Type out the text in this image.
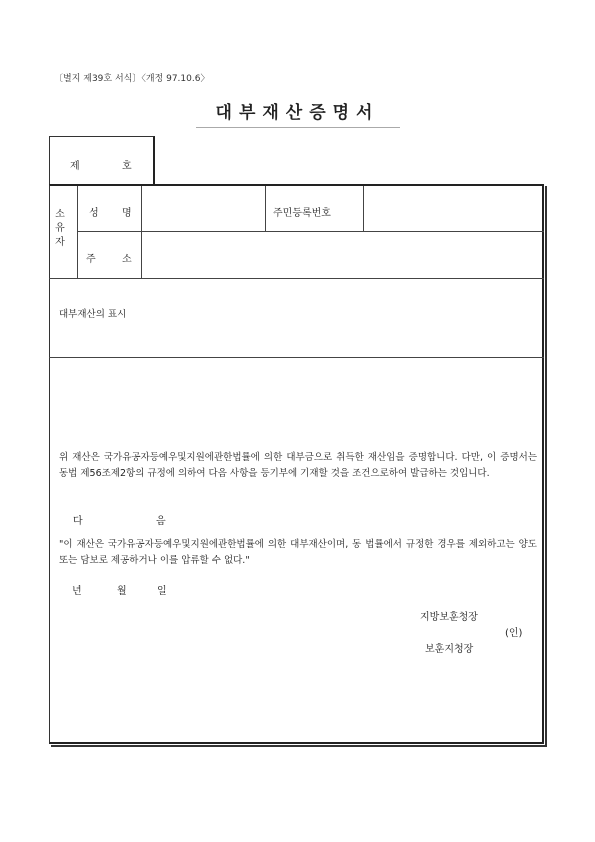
〔별지 제39호 서식〕〈개정 97.10.6〉
대부재산증명서
제	호
소유자
성 명	주민등록번호
주	소
대부재산의 표시
위 재산은 국가유공자등예우및지원에관한법률에 의한 대부금으로 취득한 재산임을 증명합니다. 다만, 이 증명서는 동법 제56조제2항의 규정에 의하여 다음 사항을 등기부에 기재할 것을 조건으로하여 발급하는 것입니다.
다	음
"이 재산은 국가유공자등예우및지원에관한법률에 의한 대부재산이며, 동 법률에서 규정한 경우를 제외하고는 양도 또는 담보로 제공하거나 이를 압류할 수 없다."
년	월	일
지방보훈청장
(인)
보훈지청장
